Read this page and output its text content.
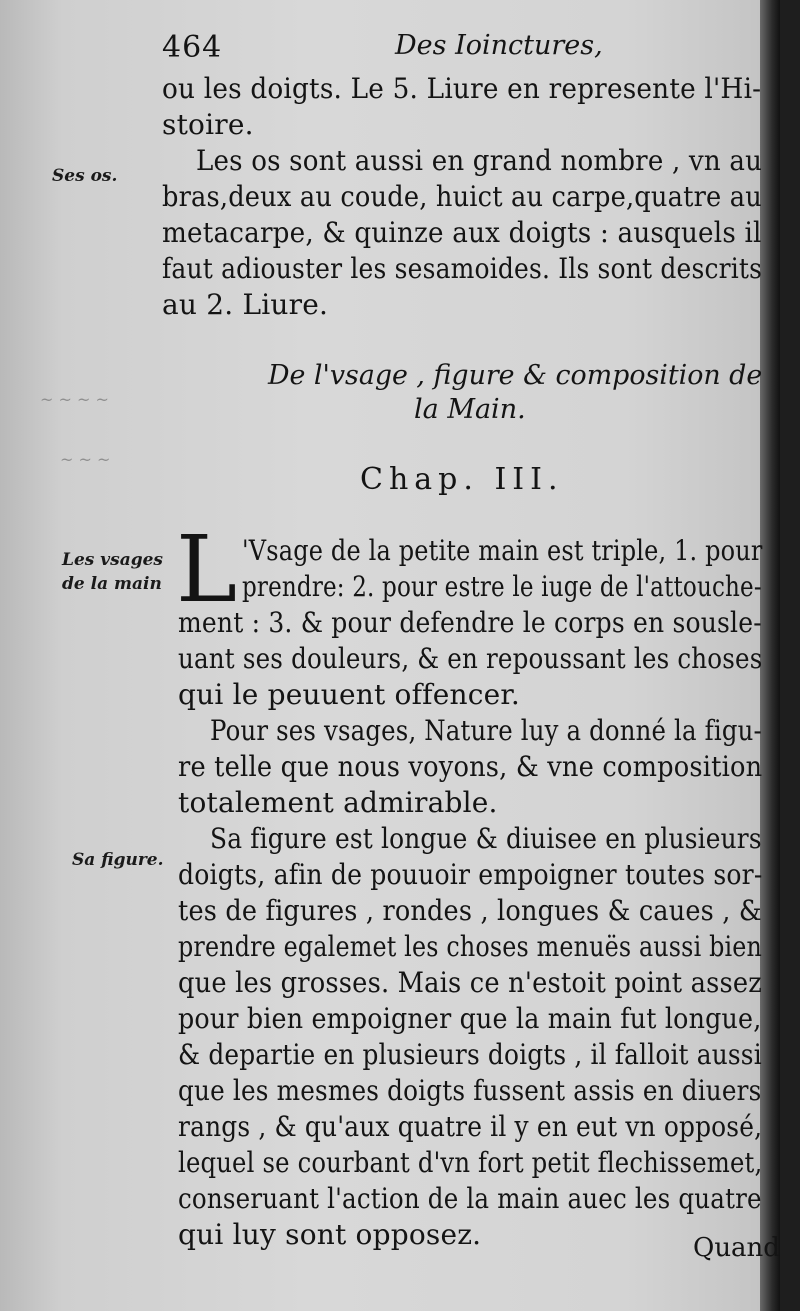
464	Des Ioinctures,
ou les doigts. Le 5. Liure en represente l'Hi-
stoire.
Les os sont aussi en grand nombre , vn au
bras,deux au coude, huict au carpe,quatre au
metacarpe, & quinze aux doigts : ausquels il
faut adiouster les sesamoides. Ils sont descrits
au 2. Liure.
Ses os.
~ ~ ~ ~
~ ~ ~
De l'vsage , figure & composition de
la Main.
Chap. III.
Les vsages
de la main L 'Vsage de la petite main est triple, 1. pour
prendre: 2. pour estre le iuge de l'attouche-
ment : 3. & pour defendre le corps en sousle-
uant ses douleurs, & en repoussant les choses
qui le peuuent offencer.
Pour ses vsages, Nature luy a donné la figu-
re telle que nous voyons, & vne composition
totalement admirable.
Sa figure est longue & diuisee en plusieurs
doigts, afin de pouuoir empoigner toutes sor-
tes de figures , rondes , longues & caues , &
prendre egalemet les choses menuës aussi bien
que les grosses. Mais ce n'estoit point assez
pour bien empoigner que la main fut longue,
& departie en plusieurs doigts , il falloit aussi
que les mesmes doigts fussent assis en diuers
rangs , & qu'aux quatre il y en eut vn opposé,
lequel se courbant d'vn fort petit flechissemet,
conseruant l'action de la main auec les quatre
qui luy sont opposez.
Sa figure.
Quand
